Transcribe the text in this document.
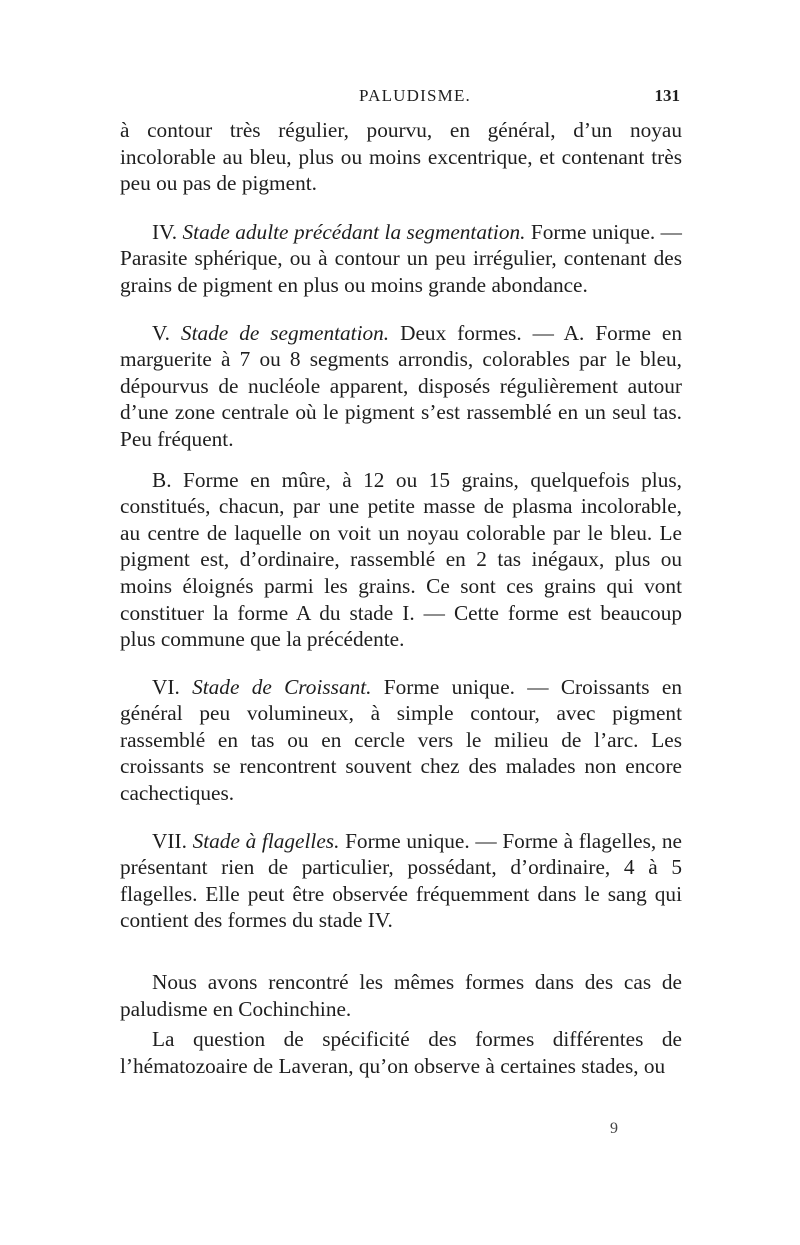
PALUDISME.	131

à contour très régulier, pourvu, en général, d’un noyau incolorable au bleu, plus ou moins excentrique, et contenant très peu ou pas de pigment.

IV. Stade adulte précédant la segmentation. Forme unique. — Parasite sphérique, ou à contour un peu irrégulier, contenant des grains de pigment en plus ou moins grande abondance.

V. Stade de segmentation. Deux formes. — A. Forme en marguerite à 7 ou 8 segments arrondis, colorables par le bleu, dépourvus de nucléole apparent, disposés régulièrement autour d’une zone centrale où le pigment s’est rassemblé en un seul tas. Peu fréquent.

B. Forme en mûre, à 12 ou 15 grains, quelquefois plus, constitués, chacun, par une petite masse de plasma incolorable, au centre de laquelle on voit un noyau colorable par le bleu. Le pigment est, d’ordinaire, rassemblé en 2 tas inégaux, plus ou moins éloignés parmi les grains. Ce sont ces grains qui vont constituer la forme A du stade I. — Cette forme est beaucoup plus commune que la précédente.

VI. Stade de Croissant. Forme unique. — Croissants en général peu volumineux, à simple contour, avec pigment rassemblé en tas ou en cercle vers le milieu de l’arc. Les croissants se rencontrent souvent chez des malades non encore cachectiques.

VII. Stade à flagelles. Forme unique. — Forme à flagelles, ne présentant rien de particulier, possédant, d’ordinaire, 4 à 5 flagelles. Elle peut être observée fréquemment dans le sang qui contient des formes du stade IV.

Nous avons rencontré les mêmes formes dans des cas de paludisme en Cochinchine.

La question de spécificité des formes différentes de l’hématozoaire de Laveran, qu’on observe à certaines stades, ou

9
